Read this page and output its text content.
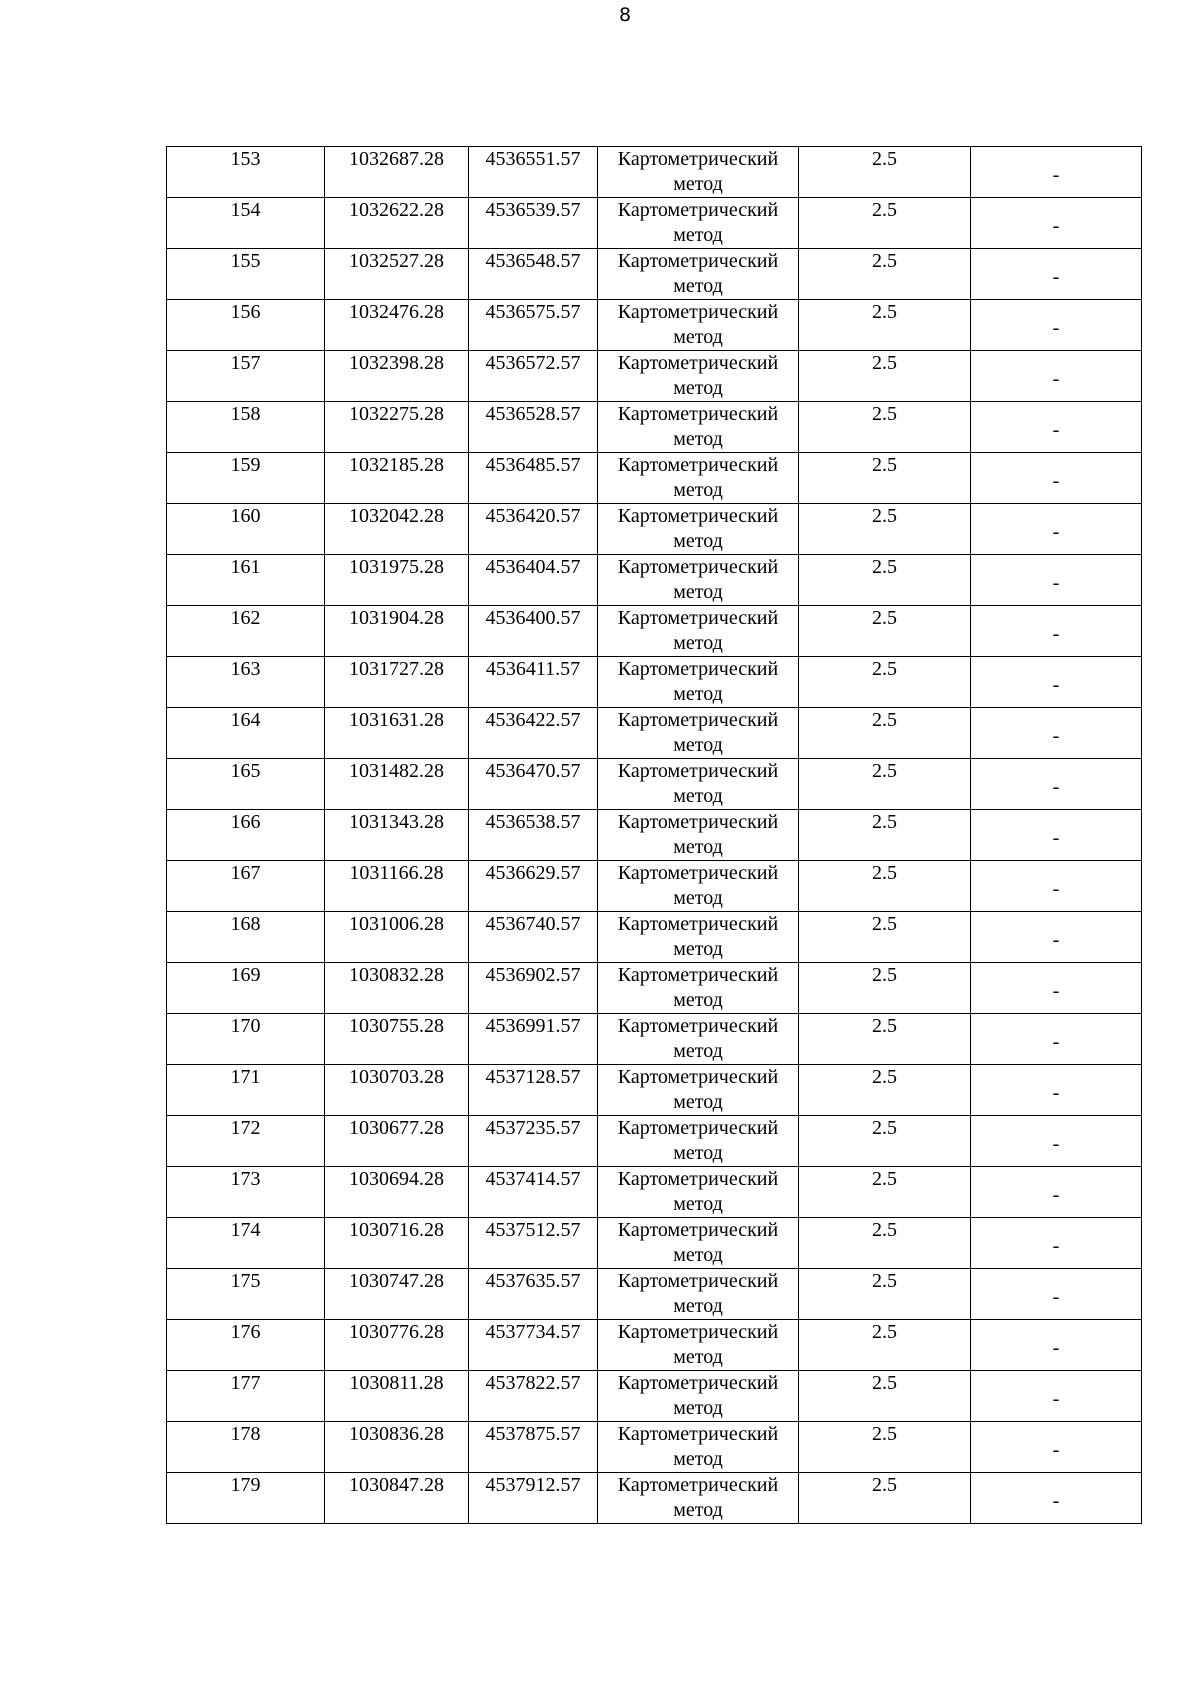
8
153	1032687.28	4536551.57	Картометрический метод	2.5	-

154	1032622.28	4536539.57	Картометрический метод	2.5	-

155	1032527.28	4536548.57	Картометрический метод	2.5	-

156	1032476.28	4536575.57	Картометрический метод	2.5	-

157	1032398.28	4536572.57	Картометрический метод	2.5	-

158	1032275.28	4536528.57	Картометрический метод	2.5	-

159	1032185.28	4536485.57	Картометрический метод	2.5	-

160	1032042.28	4536420.57	Картометрический метод	2.5	-

161	1031975.28	4536404.57	Картометрический метод	2.5	-

162	1031904.28	4536400.57	Картометрический метод	2.5	-

163	1031727.28	4536411.57	Картометрический метод	2.5	-

164	1031631.28	4536422.57	Картометрический метод	2.5	-

165	1031482.28	4536470.57	Картометрический метод	2.5	-

166	1031343.28	4536538.57	Картометрический метод	2.5	-

167	1031166.28	4536629.57	Картометрический метод	2.5	-

168	1031006.28	4536740.57	Картометрический метод	2.5	-

169	1030832.28	4536902.57	Картометрический метод	2.5	-

170	1030755.28	4536991.57	Картометрический метод	2.5	-

171	1030703.28	4537128.57	Картометрический метод	2.5	-

172	1030677.28	4537235.57	Картометрический метод	2.5	-

173	1030694.28	4537414.57	Картометрический метод	2.5	-

174	1030716.28	4537512.57	Картометрический метод	2.5	-

175	1030747.28	4537635.57	Картометрический метод	2.5	-

176	1030776.28	4537734.57	Картометрический метод	2.5	-

177	1030811.28	4537822.57	Картометрический метод	2.5	-

178	1030836.28	4537875.57	Картометрический метод	2.5	-

179	1030847.28	4537912.57	Картометрический метод	2.5	-
